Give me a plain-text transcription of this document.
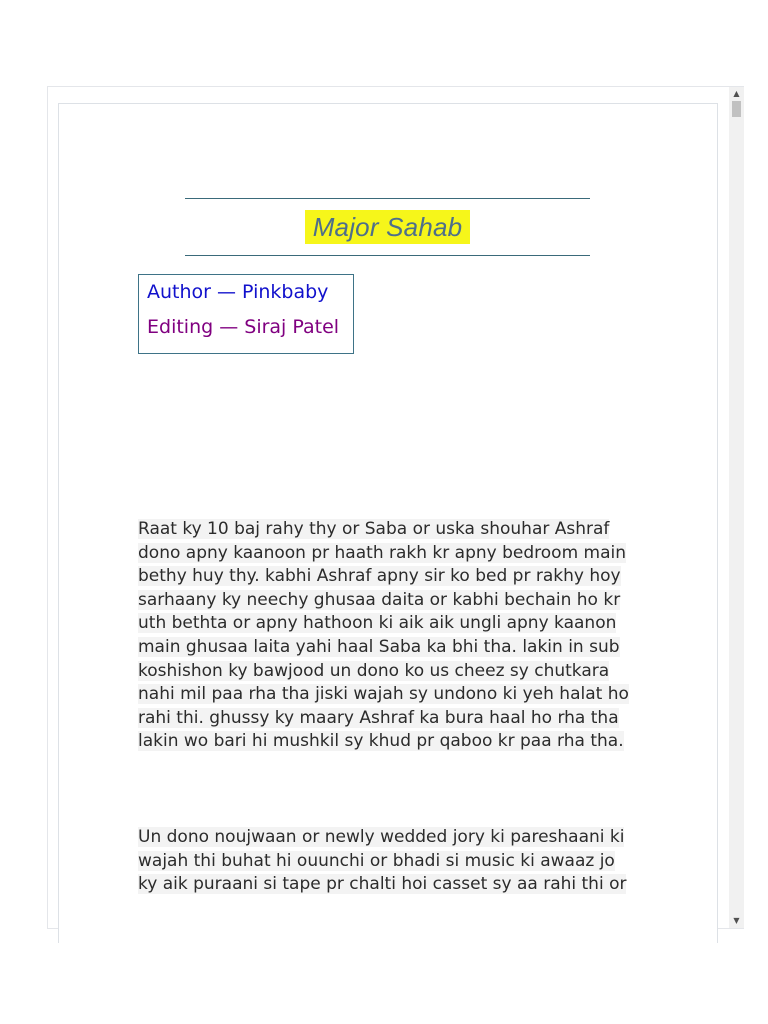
Major Sahab
Author — Pinkbaby
Editing — Siraj Patel

Raat ky 10 baj rahy thy or Saba or uska shouhar Ashraf dono apny kaanoon pr haath rakh kr apny bedroom main bethy huy thy. kabhi Ashraf apny sir ko bed pr rakhy hoy sarhaany ky neechy ghusaa daita or kabhi bechain ho kr uth bethta or apny hathoon ki aik aik ungli apny kaanon main ghusaa laita yahi haal Saba ka bhi tha. lakin in sub koshishon ky bawjood un dono ko us cheez sy chutkara nahi mil paa rha tha jiski wajah sy undono ki yeh halat ho rahi thi. ghussy ky maary Ashraf ka bura haal ho rha tha lakin wo bari hi mushkil sy khud pr qaboo kr paa rha tha.

Un dono noujwaan or newly wedded jory ki pareshaani ki wajah thi buhat hi ouunchi or bhadi si music ki awaaz jo ky aik puraani si tape pr chalti hoi casset sy aa rahi thi or

▲
▼
